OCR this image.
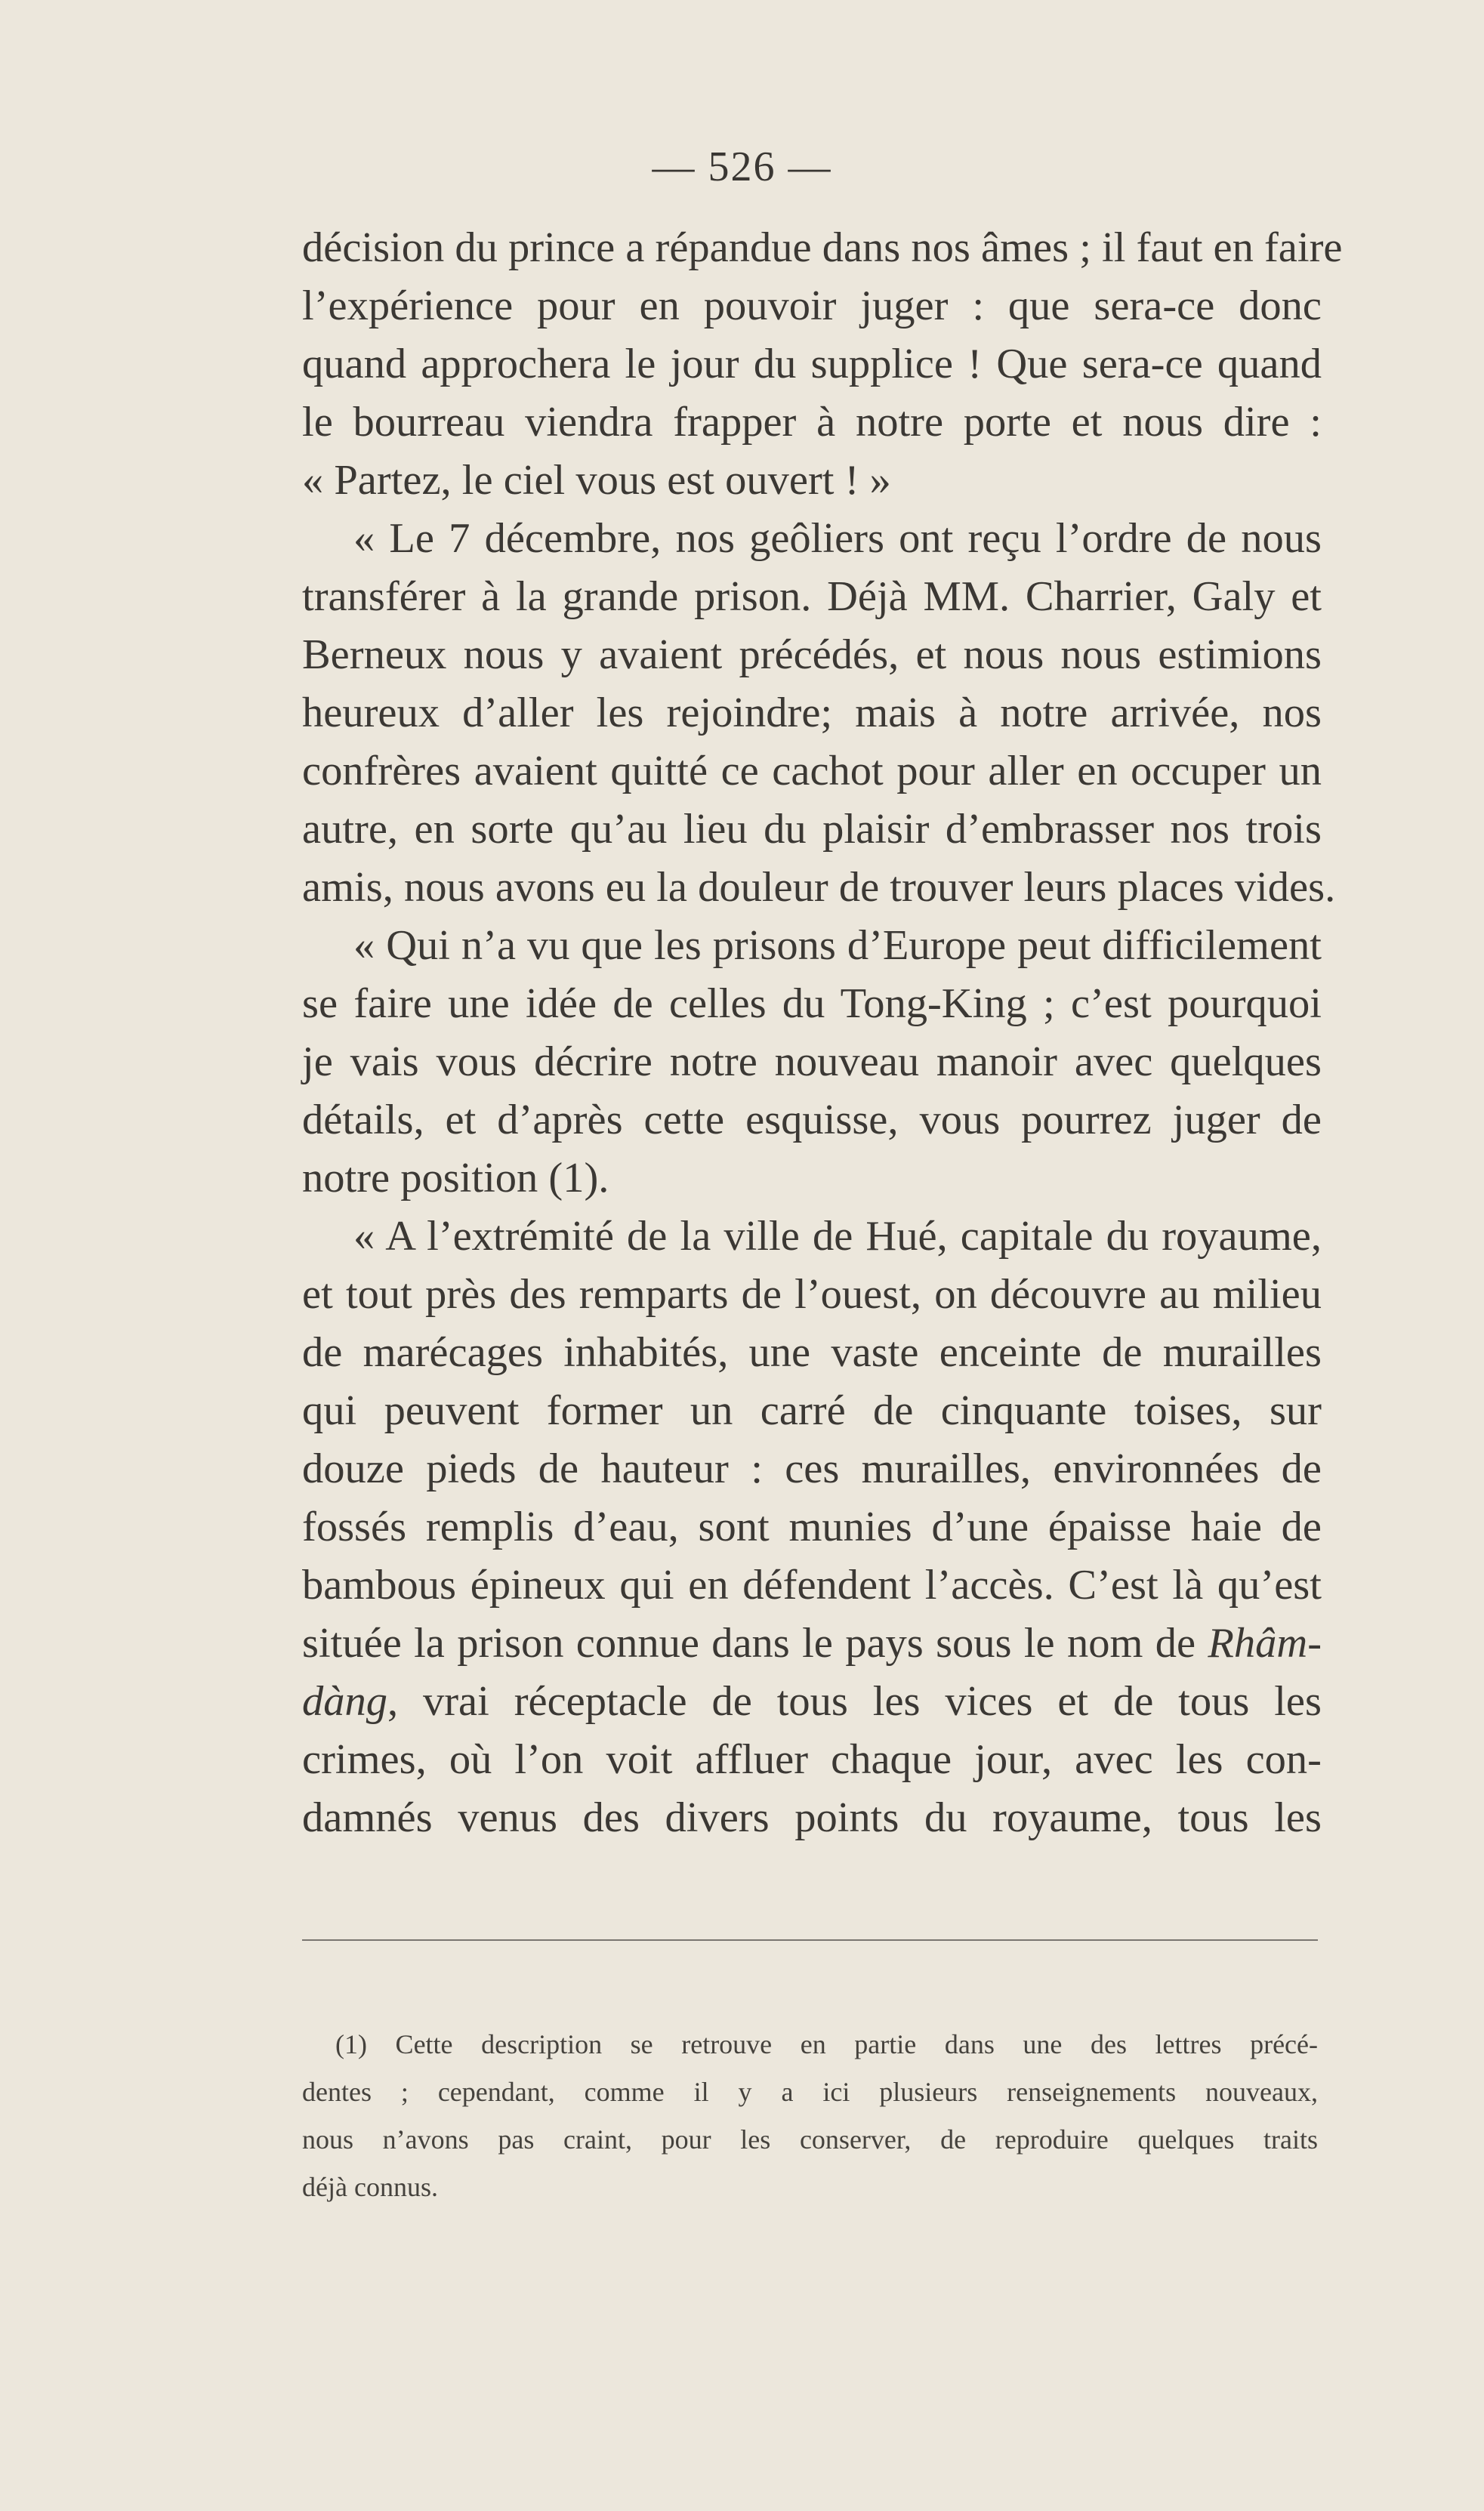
— 526 —
décision du prince a répandue dans nos âmes ; il faut en faire
l’expérience pour en pouvoir juger : que sera-ce donc
quand approchera le jour du supplice ! Que sera-ce quand
le bourreau viendra frapper à notre porte et nous dire :
« Partez, le ciel vous est ouvert ! »
« Le 7 décembre, nos geôliers ont reçu l’ordre de nous
transférer à la grande prison. Déjà MM. Charrier, Galy et
Berneux nous y avaient précédés, et nous nous estimions
heureux d’aller les rejoindre; mais à notre arrivée, nos
confrères avaient quitté ce cachot pour aller en occuper un
autre, en sorte qu’au lieu du plaisir d’embrasser nos trois
amis, nous avons eu la douleur de trouver leurs places vides.
« Qui n’a vu que les prisons d’Europe peut difficilement
se faire une idée de celles du Tong-King ; c’est pourquoi
je vais vous décrire notre nouveau manoir avec quelques
détails, et d’après cette esquisse, vous pourrez juger de
notre position (1).
« A l’extrémité de la ville de Hué, capitale du royaume,
et tout près des remparts de l’ouest, on découvre au milieu
de marécages inhabités, une vaste enceinte de murailles
qui peuvent former un carré de cinquante toises, sur
douze pieds de hauteur : ces murailles, environnées de
fossés remplis d’eau, sont munies d’une épaisse haie de
bambous épineux qui en défendent l’accès. C’est là qu’est
située la prison connue dans le pays sous le nom de Rhâm-
dàng, vrai réceptacle de tous les vices et de tous les
crimes, où l’on voit affluer chaque jour, avec les con-
damnés venus des divers points du royaume, tous les
(1) Cette description se retrouve en partie dans une des lettres précé-
dentes ; cependant, comme il y a ici plusieurs renseignements nouveaux,
nous n’avons pas craint, pour les conserver, de reproduire quelques traits
déjà connus.
